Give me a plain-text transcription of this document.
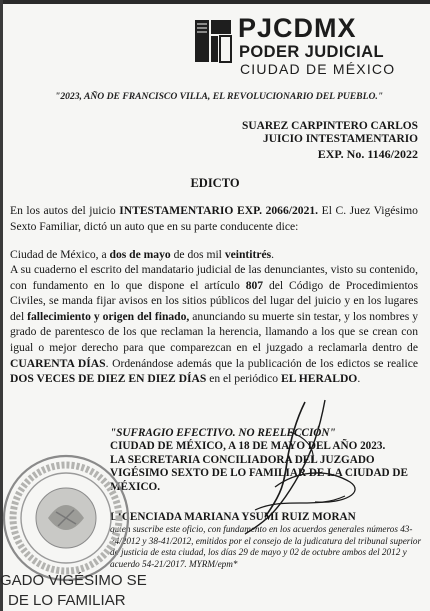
PJCDMX
PODER JUDICIAL
CIUDAD DE MÉXICO
"2023, AÑO DE FRANCISCO VILLA, EL REVOLUCIONARIO DEL PUEBLO."
SUAREZ CARPINTERO CARLOS
JUICIO INTESTAMENTARIO
EXP. No. 1146/2022
EDICTO
En los autos del juicio INTESTAMENTARIO EXP. 2066/2021. El C. Juez Vigésimo Sexto Familiar, dictó un auto que en su parte conducente dice:
Ciudad de México, a dos de mayo de dos mil veintitrés.
A su cuaderno el escrito del mandatario judicial de las denunciantes, visto su contenido, con fundamento en lo que dispone el artículo 807 del Código de Procedimientos Civiles, se manda fijar avisos en los sitios públicos del lugar del juicio y en los lugares del fallecimiento y origen del finado, anunciando su muerte sin testar, y los nombres y grado de parentesco de los que reclaman la herencia, llamando a los que se crean con igual o mejor derecho para que comparezcan en el juzgado a reclamarla dentro de CUARENTA DÍAS. Ordenándose además que la publicación de los edictos se realice DOS VECES DE DIEZ EN DIEZ DÍAS en el periódico EL HERALDO.
"SUFRAGIO EFECTIVO. NO REELECCIÓN"
CIUDAD DE MÉXICO, A 18 DE MAYO DEL AÑO 2023.
LA SECRETARIA CONCILIADORA DEL JUZGADO VIGÉSIMO SEXTO DE LO FAMILIAR DE LA CIUDAD DE MÉXICO.
LICENCIADA MARIANA YSUMI RUIZ MORAN
quien suscribe este oficio, con fundamento en los acuerdos generales números 43-24/2012 y 38-41/2012, emitidos por el consejo de la judicatura del tribunal superior de justicia de esta ciudad, los días 29 de mayo y 02 de octubre ambos del 2012 y acuerdo 54-21/2017. MYRM/epm*
GADO VIGÉSIMO SE
DE LO FAMILIAR
